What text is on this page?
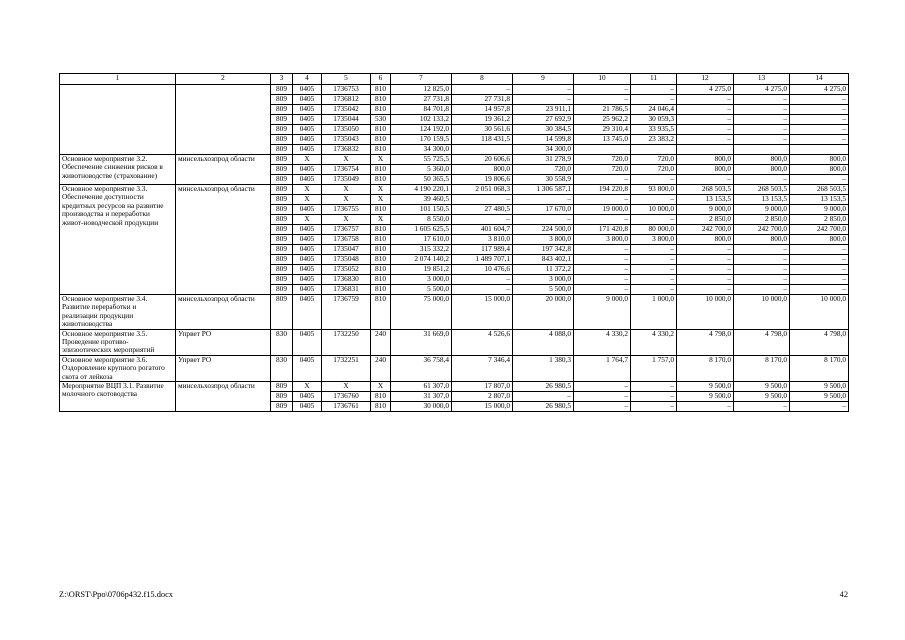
1	2	3	4	5	6	7	8	9	10	11	12	13	14
		809	0405	1736753	810	12 825,0	–	–	–	–	4 275,0	4 275,0	4 275,0
		809	0405	1736812	810	27 731,8	27 731,8	–	–	–	–	–	–
		809	0405	1735042	810	84 701,8	14 957,8	23 911,1	21 786,5	24 046,4	–	–	–
		809	0405	1735044	530	102 133,2	19 361,2	27 692,9	25 962,2	30 059,3	–	–	–
		809	0405	1735050	810	124 192,0	30 561,6	30 384,5	29 310,4	33 935,5	–	–	–
		809	0405	1735043	810	170 159,5	118 431,5	14 599,8	13 745,0	23 383,2	–	–	–
		809	0405	1736832	810	34 300,0		34 300,0					
Основное мероприятие 3.2. Обеспечение снижения рисков в животноводстве (страхование)	минсельхозпрод области	809	X	X	X	55 725,5	20 606,6	31 278,9	720,0	720,0	800,0	800,0	800,0
		809	0405	1736754	810	5 360,0	800,0	720,0	720,0	720,0	800,0	800,0	800,0
		809	0405	1735049	810	50 365,5	19 806,6	30 558,9	–	–	–	–	–
Основное мероприятие 3.3. Обеспечение доступности кредитных ресурсов на развитие производства и переработки живот-новодческой продукции	минсельхозпрод области	809	X	X	X	4 190 220,1	2 051 068,3	1 306 587,1	194 220,8	93 800,0	268 503,5	268 503,5	268 503,5
		809	X	X	X	39 460,5	–	–	–	–	13 153,5	13 153,5	13 153,5
		809	0405	1736755	810	101 150,5	27 480,5	17 670,0	19 000,0	10 000,0	9 000,0	9 000,0	9 000,0
		809	X	X	X	8 550,0	–	–	–	–	2 850,0	2 850,0	2 850,0
		809	0405	1736757	810	1 605 625,5	401 604,7	224 500,0	171 420,8	80 000,0	242 700,0	242 700,0	242 700,0
		809	0405	1736758	810	17 610,0	3 810,0	3 800,0	3 800,0	3 800,0	800,0	800,0	800,0
		809	0405	1735047	810	315 332,2	117 989,4	197 342,8	–	–	–	–	–
		809	0405	1735048	810	2 074 140,2	1 489 707,1	843 402,1	–	–	–	–	–
		809	0405	1735052	810	19 851,2	10 476,6	11 372,2	–	–	–	–	–
		809	0405	1736830	810	3 000,0	–	3 000,0	–	–	–	–	–
		809	0405	1736831	810	5 500,0	–	5 500,0	–	–	–	–	–
Основное мероприятие 3.4. Развитие переработки и реализации продукции животноводства	минсельхозпрод области	809	0405	1736759	810	75 000,0	15 000,0	20 000,0	9 000,0	1 000,0	10 000,0	10 000,0	10 000,0
Основное мероприятие 3.5. Проведение противо-эпизоотических мероприятий	Упрвет РО	830	0405	1732250	240	31 669,0	4 526,6	4 088,0	4 330,2	4 330,2	4 798,0	4 798,0	4 798,0
Основное мероприятие 3.6. Оздоровление крупного рогатого скота от лейкоза	Упрвет РО	830	0405	1732251	240	36 758,4	7 346,4	1 380,3	1 764,7	1 757,0	8 170,0	8 170,0	8 170,0
Мероприятие ВЦП 3.1. Развитие молочного скотоводства	минсельхозпрод области	809	X	X	X	61 307,0	17 807,0	26 980,5	–	–	9 500,0	9 500,0	9 500,0
		809	0405	1736760	810	31 307,0	2 807,0	–	–	–	9 500,0	9 500,0	9 500,0
		809	0405	1736761	810	30 000,0	15 000,0	26 980,5	–	–	–	–	–
Z:\ORST\Ppo\0706p432.f15.docx	42
